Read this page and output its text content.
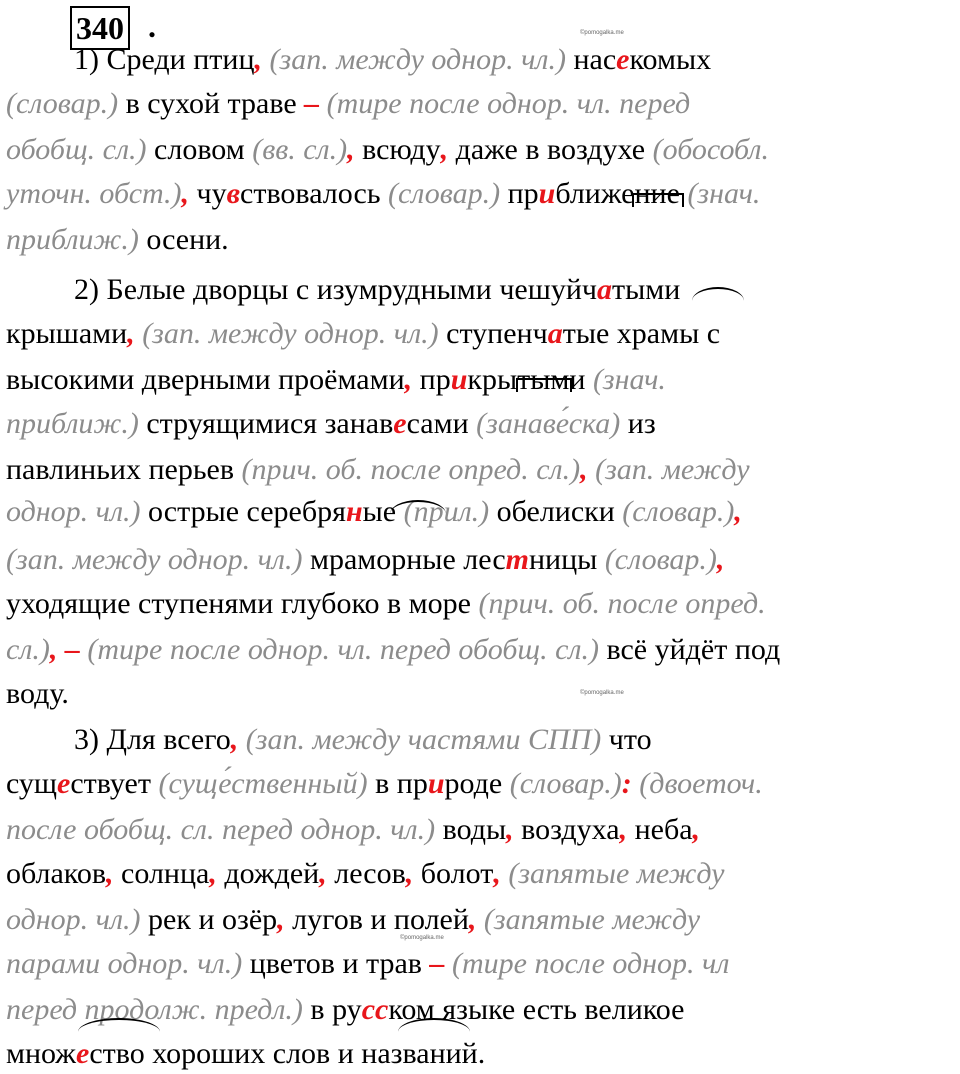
340 .	©pomogalka.me
©pomogalka.me
©pomogalka.me
1) Среди птиц, (зап. между однор. чл.) насекомых
(словар.) в сухой траве – (тире после однор. чл. перед
обобщ. сл.) словом (вв. сл.), всюду, даже в воздухе (обособл.
уточн. обст.), чувствовалось (словар.) приближение (знач.
приближ.) осени.
2) Белые дворцы с изумрудными чешуйчатыми
крышами, (зап. между однор. чл.) ступенчатые храмы с
высокими дверными проёмами, прикрытыми (знач.
приближ.) струящимися занавесами (занаве́ска) из
павлиньих перьев (прич. об. после опред. сл.), (зап. между
однор. чл.) острые серебряные (прил.) обелиски (словар.),
(зап. между однор. чл.) мраморные лестницы (словар.),
уходящие ступенями глубоко в море (прич. об. после опред.
сл.), – (тире после однор. чл. перед обобщ. сл.) всё уйдёт под
воду.
3) Для всего, (зап. между частями СПП) что
существует (суще́ственный) в природе (словар.): (двоеточ.
после обобщ. сл. перед однор. чл.) воды, воздуха, неба,
облаков, солнца, дождей, лесов, болот, (запятые между
однор. чл.) рек и озёр, лугов и полей, (запятые между
парами однор. чл.) цветов и трав – (тире после однор. чл
перед продолж. предл.) в русском языке есть великое
множество хороших слов и названий.
